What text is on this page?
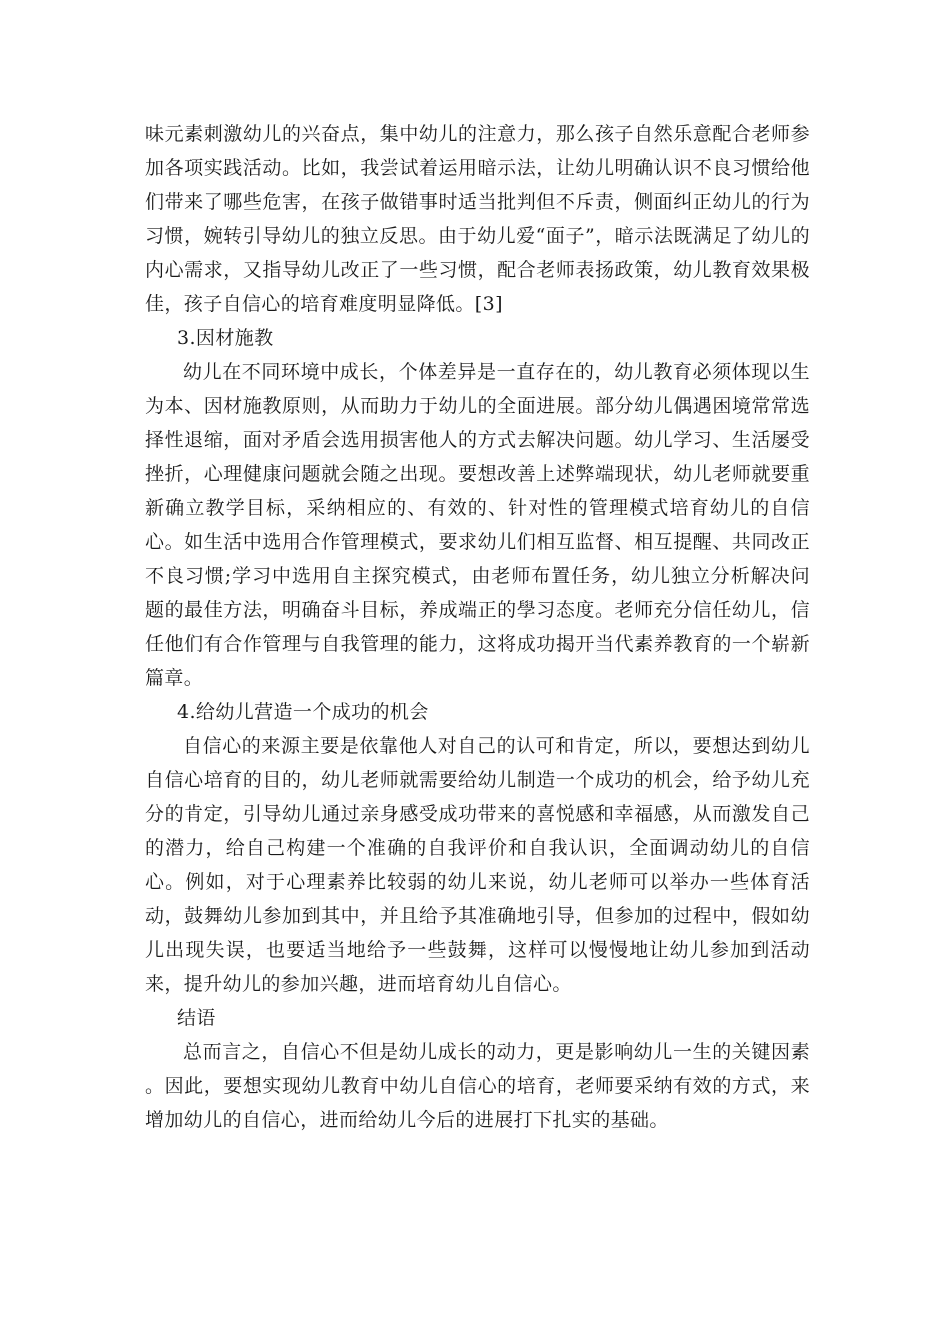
味元素刺激幼儿的兴奋点，集中幼儿的注意力，那么孩子自然乐意配合老师参加各项实践活动。比如，我尝试着运用暗示法，让幼儿明确认识不良习惯给他们带来了哪些危害，在孩子做错事时适当批判但不斥责，侧面纠正幼儿的行为习惯，婉转引导幼儿的独立反思。由于幼儿爱“面子”，暗示法既满足了幼儿的内心需求，又指导幼儿改正了一些习惯，配合老师表扬政策，幼儿教育效果极佳，孩子自信心的培育难度明显降低。[3]

3.因材施教

幼儿在不同环境中成长，个体差异是一直存在的，幼儿教育必须体现以生为本、因材施教原则，从而助力于幼儿的全面进展。部分幼儿偶遇困境常常选择性退缩，面对矛盾会选用损害他人的方式去解决问题。幼儿学习、生活屡受挫折，心理健康问题就会随之出现。要想改善上述弊端现状，幼儿老师就要重新确立教学目标，采纳相应的、有效的、针对性的管理模式培育幼儿的自信心。如生活中选用合作管理模式，要求幼儿们相互监督、相互提醒、共同改正不良习惯;学习中选用自主探究模式，由老师布置任务，幼儿独立分析解决问题的最佳方法，明确奋斗目标，养成端正的學习态度。老师充分信任幼儿，信任他们有合作管理与自我管理的能力，这将成功揭开当代素养教育的一个崭新篇章。

4.给幼儿营造一个成功的机会

自信心的来源主要是依靠他人对自己的认可和肯定，所以，要想达到幼儿自信心培育的目的，幼儿老师就需要给幼儿制造一个成功的机会，给予幼儿充分的肯定，引导幼儿通过亲身感受成功带来的喜悦感和幸福感，从而激发自己的潜力，给自己构建一个准确的自我评价和自我认识，全面调动幼儿的自信心。例如，对于心理素养比较弱的幼儿来说，幼儿老师可以举办一些体育活动，鼓舞幼儿参加到其中，并且给予其准确地引导，但参加的过程中，假如幼儿出现失误，也要适当地给予一些鼓舞，这样可以慢慢地让幼儿参加到活动来，提升幼儿的参加兴趣，进而培育幼儿自信心。

结语

总而言之，自信心不但是幼儿成长的动力，更是影响幼儿一生的关键因素 。因此，要想实现幼儿教育中幼儿自信心的培育，老师要采纳有效的方式，来增加幼儿的自信心，进而给幼儿今后的进展打下扎实的基础。
